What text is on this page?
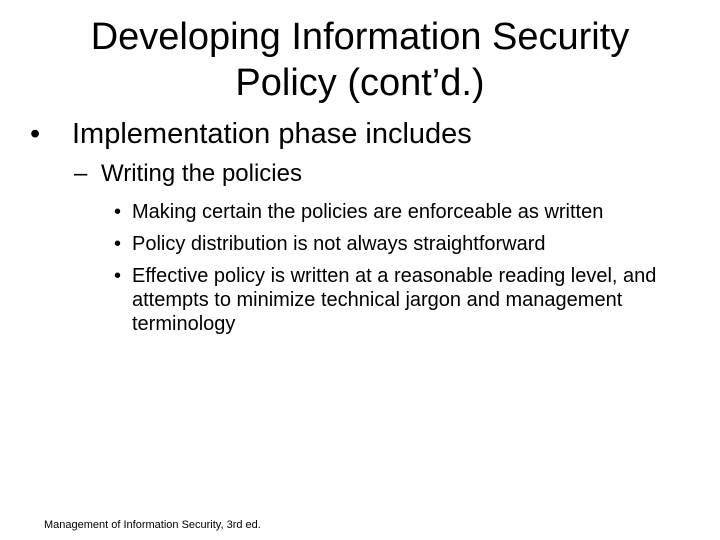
Developing Information Security
Policy (cont’d.)
• Implementation phase includes
– Writing the policies
• Making certain the policies are enforceable as written
• Policy distribution is not always straightforward
• Effective policy is written at a reasonable reading level, and attempts to minimize technical jargon and management terminology
Management of Information Security, 3rd ed.
